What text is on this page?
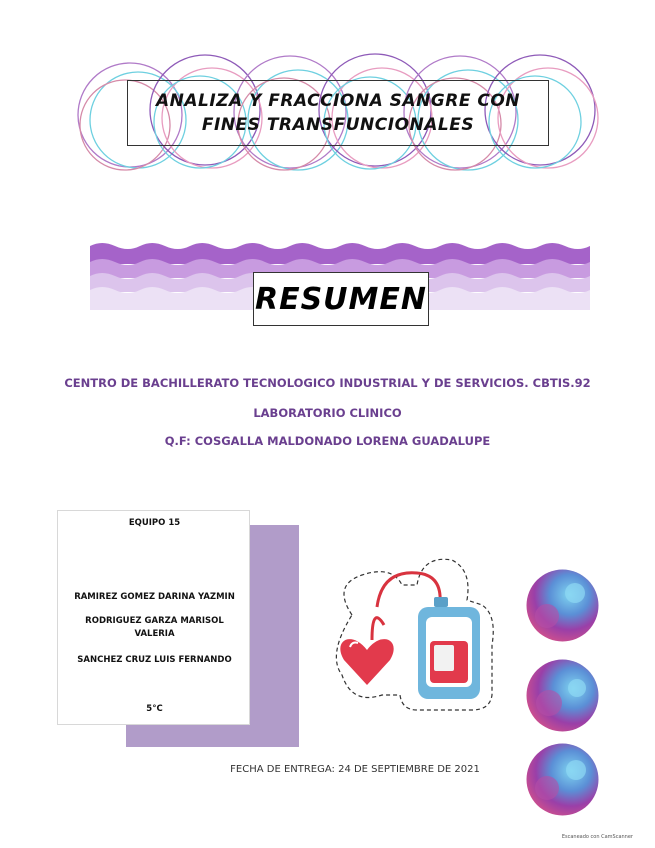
ANALIZA Y FRACCIONA SANGRE CON FINES TRANSFUNCIONALES
RESUMEN
CENTRO DE BACHILLERATO TECNOLOGICO INDUSTRIAL Y DE SERVICIOS. CBTIS.92
LABORATORIO CLINICO
Q.F: COSGALLA MALDONADO LORENA GUADALUPE
EQUIPO 15
RAMIREZ GOMEZ DARINA YAZMIN
RODRIGUEZ GARZA MARISOL VALERIA
SANCHEZ CRUZ LUIS FERNANDO
5°C
FECHA DE ENTREGA: 24 DE SEPTIEMBRE DE 2021
Escaneado con CamScanner
